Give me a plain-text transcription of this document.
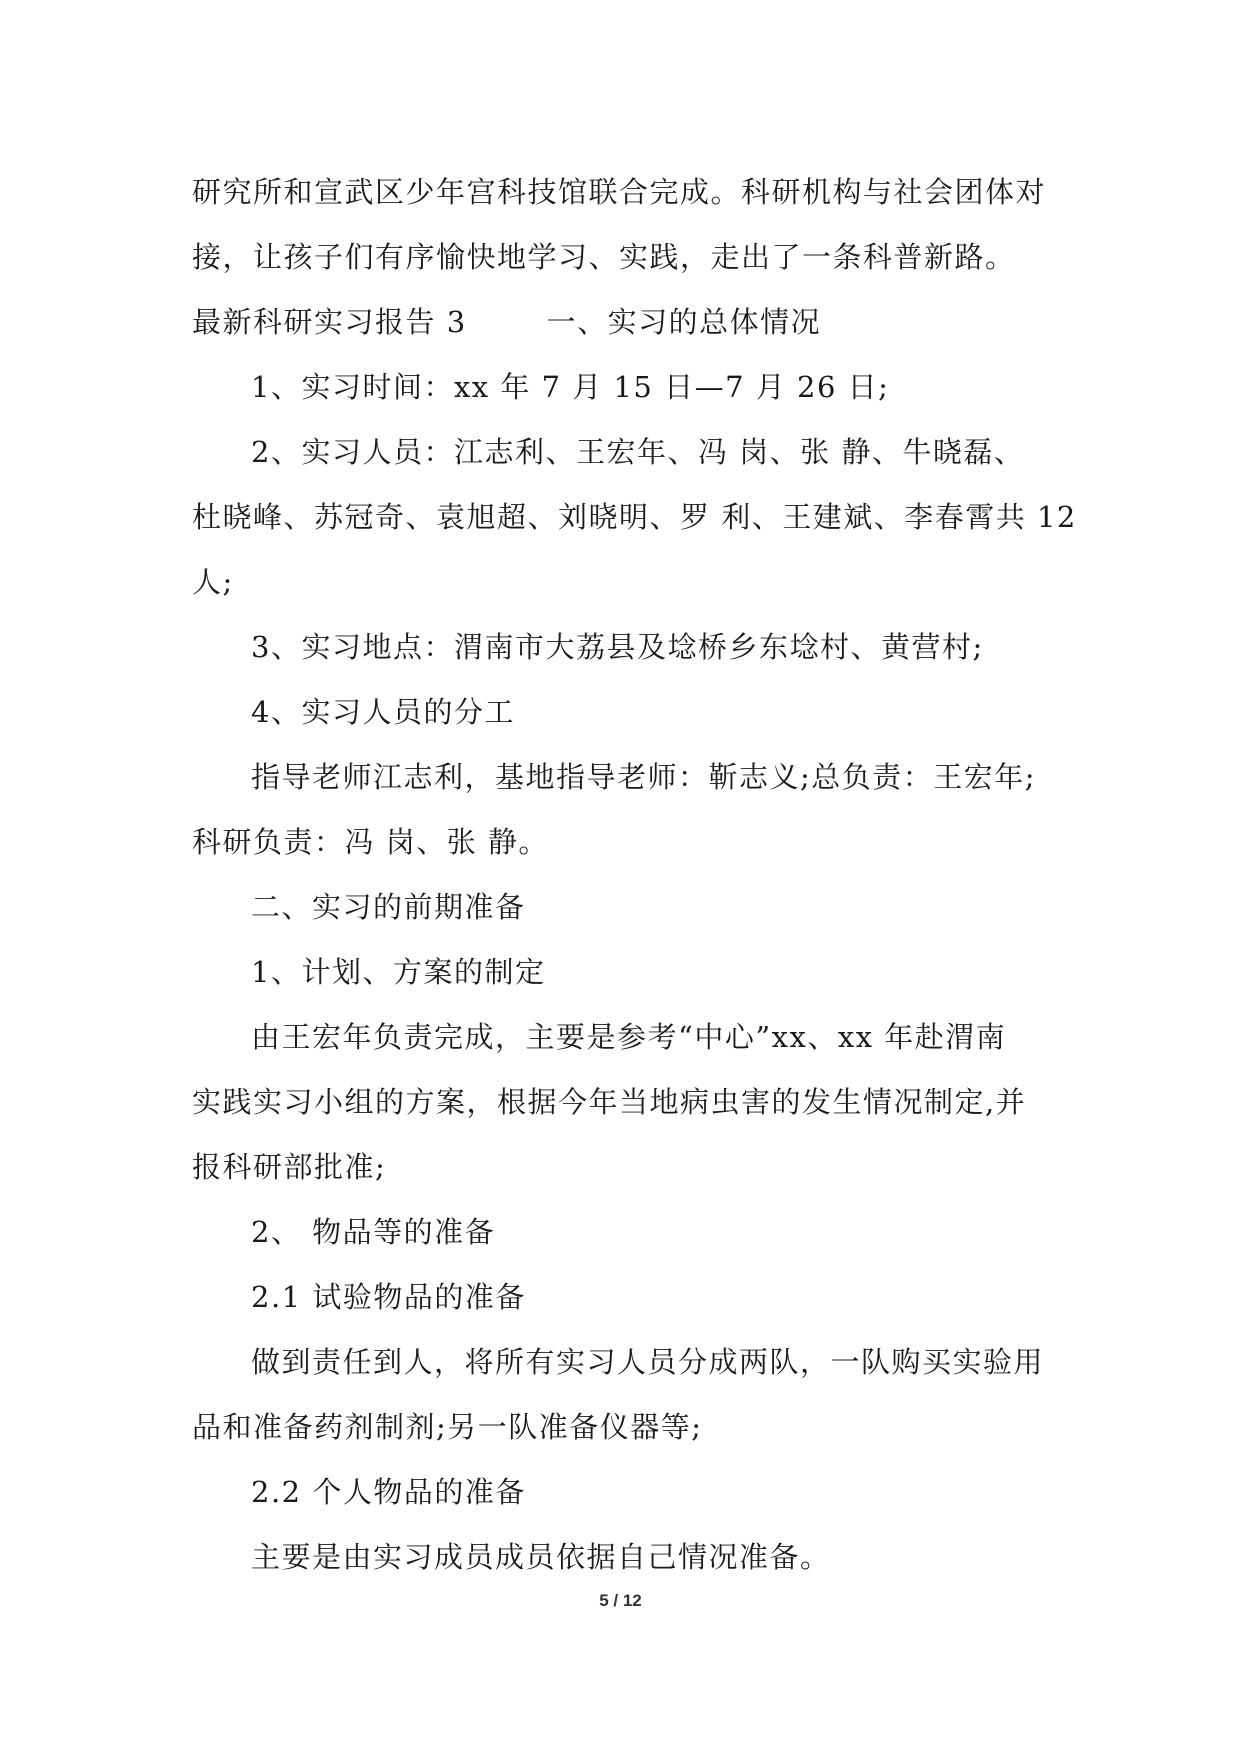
研究所和宣武区少年宫科技馆联合完成。科研机构与社会团体对
接，让孩子们有序愉快地学习、实践，走出了一条科普新路。
最新科研实习报告 3	一、实习的总体情况
1、实习时间：xx 年 7 月 15 日—7 月 26 日;
2、实习人员：江志利、王宏年、冯 岗、张 静、牛晓磊、
杜晓峰、苏冠奇、袁旭超、刘晓明、罗 利、王建斌、李春霄共 12
人;
3、实习地点：渭南市大荔县及埝桥乡东埝村、黄营村;
4、实习人员的分工
指导老师江志利，基地指导老师：靳志义;总负责：王宏年;
科研负责：冯 岗、张 静。
二、实习的前期准备
1、计划、方案的制定
由王宏年负责完成，主要是参考“中心”xx、xx 年赴渭南
实践实习小组的方案，根据今年当地病虫害的发生情况制定,并
报科研部批准;
2、 物品等的准备
2.1 试验物品的准备
做到责任到人，将所有实习人员分成两队，一队购买实验用
品和准备药剂制剂;另一队准备仪器等;
2.2 个人物品的准备
主要是由实习成员成员依据自己情况准备。
5 / 12
